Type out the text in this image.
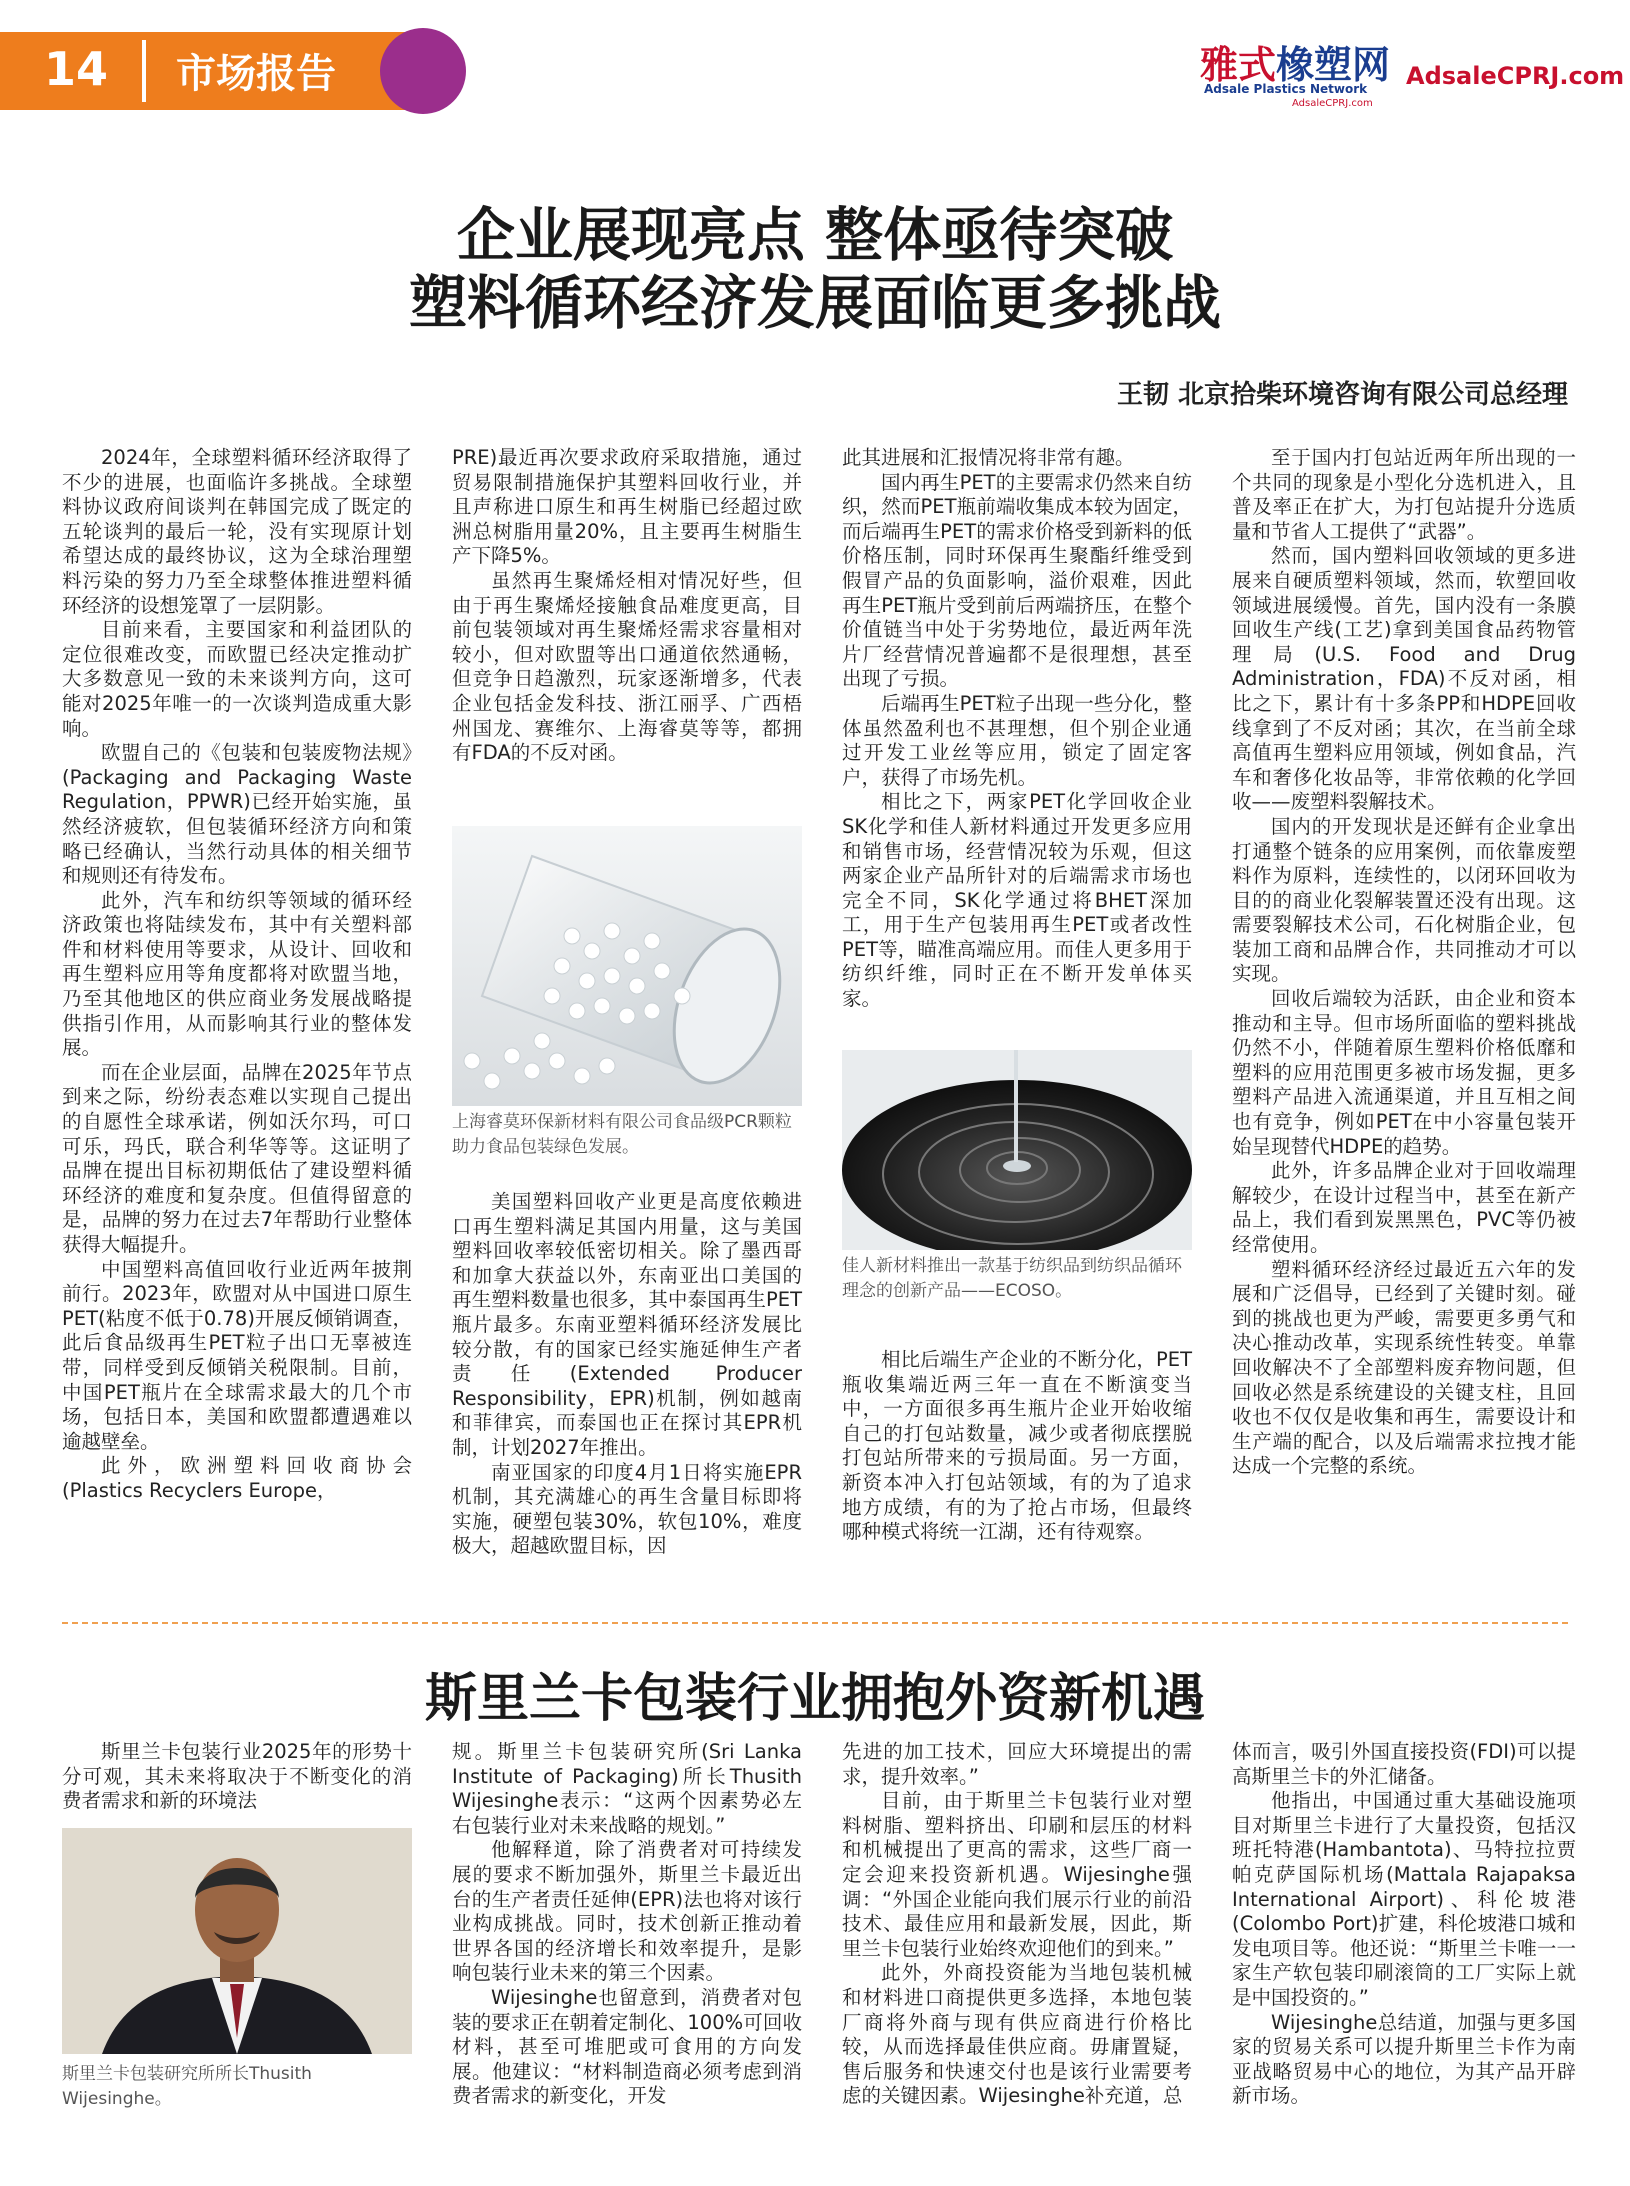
14 市场报告	雅式橡塑网
Adsale Plastics Network
AdsaleCPRJ.com
AdsaleCPRJ.com
企业展现亮点 整体亟待突破
塑料循环经济发展面临更多挑战
王韧 北京拾柴环境咨询有限公司总经理

2024年，全球塑料循环经济取得了不少的进展，也面临许多挑战。全球塑料协议政府间谈判在韩国完成了既定的五轮谈判的最后一轮，没有实现原计划希望达成的最终协议，这为全球治理塑料污染的努力乃至全球整体推进塑料循环经济的设想笼罩了一层阴影。

目前来看，主要国家和利益团队的定位很难改变，而欧盟已经决定推动扩大多数意见一致的未来谈判方向，这可能对2025年唯一的一次谈判造成重大影响。

欧盟自己的《包装和包装废物法规》(Packaging and Packaging Waste Regulation，PPWR)已经开始实施，虽然经济疲软，但包装循环经济方向和策略已经确认，当然行动具体的相关细节和规则还有待发布。

此外，汽车和纺织等领域的循环经济政策也将陆续发布，其中有关塑料部件和材料使用等要求，从设计、回收和再生塑料应用等角度都将对欧盟当地，乃至其他地区的供应商业务发展战略提供指引作用，从而影响其行业的整体发展。

而在企业层面，品牌在2025年节点到来之际，纷纷表态难以实现自己提出的自愿性全球承诺，例如沃尔玛，可口可乐，玛氏，联合利华等等。这证明了品牌在提出目标初期低估了建设塑料循环经济的难度和复杂度。但值得留意的是，品牌的努力在过去7年帮助行业整体获得大幅提升。

中国塑料高值回收行业近两年披荆前行。2023年，欧盟对从中国进口原生PET(粘度不低于0.78)开展反倾销调查，此后食品级再生PET粒子出口无辜被连带，同样受到反倾销关税限制。目前，中国PET瓶片在全球需求最大的几个市场，包括日本，美国和欧盟都遭遇难以逾越壁垒。

此外，欧洲塑料回收商协会(Plastics Recyclers Europe，

PRE)最近再次要求政府采取措施，通过贸易限制措施保护其塑料回收行业，并且声称进口原生和再生树脂已经超过欧洲总树脂用量20%，且主要再生树脂生产下降5%。

虽然再生聚烯烃相对情况好些，但由于再生聚烯烃接触食品难度更高，目前包装领域对再生聚烯烃需求容量相对较小，但对欧盟等出口通道依然通畅，但竞争日趋激烈，玩家逐渐增多，代表企业包括金发科技、浙江丽孚、广西梧州国龙、赛维尔、上海睿莫等等，都拥有FDA的不反对函。

上海睿莫环保新材料有限公司食品级PCR颗粒助力食品包装绿色发展。

美国塑料回收产业更是高度依赖进口再生塑料满足其国内用量，这与美国塑料回收率较低密切相关。除了墨西哥和加拿大获益以外，东南亚出口美国的再生塑料数量也很多，其中泰国再生PET瓶片最多。东南亚塑料循环经济发展比较分散，有的国家已经实施延伸生产者责任(Extended Producer Responsibility，EPR)机制，例如越南和菲律宾，而泰国也正在探讨其EPR机制，计划2027年推出。

南亚国家的印度4月1日将实施EPR机制，其充满雄心的再生含量目标即将实施，硬塑包装30%，软包10%，难度极大，超越欧盟目标，因

此其进展和汇报情况将非常有趣。

国内再生PET的主要需求仍然来自纺织，然而PET瓶前端收集成本较为固定，而后端再生PET的需求价格受到新料的低价格压制，同时环保再生聚酯纤维受到假冒产品的负面影响，溢价艰难，因此再生PET瓶片受到前后两端挤压，在整个价值链当中处于劣势地位，最近两年洗片厂经营情况普遍都不是很理想，甚至出现了亏损。

后端再生PET粒子出现一些分化，整体虽然盈利也不甚理想，但个别企业通过开发工业丝等应用，锁定了固定客户，获得了市场先机。

相比之下，两家PET化学回收企业SK化学和佳人新材料通过开发更多应用和销售市场，经营情况较为乐观，但这两家企业产品所针对的后端需求市场也完全不同，SK化学通过将BHET深加工，用于生产包装用再生PET或者改性PET等，瞄准高端应用。而佳人更多用于纺织纤维，同时正在不断开发单体买家。

佳人新材料推出一款基于纺织品到纺织品循环理念的创新产品——ECOSO。

相比后端生产企业的不断分化，PET瓶收集端近两三年一直在不断演变当中，一方面很多再生瓶片企业开始收缩自己的打包站数量，减少或者彻底摆脱打包站所带来的亏损局面。另一方面，新资本冲入打包站领域，有的为了追求地方成绩，有的为了抢占市场，但最终哪种模式将统一江湖，还有待观察。

至于国内打包站近两年所出现的一个共同的现象是小型化分选机进入，且普及率正在扩大，为打包站提升分选质量和节省人工提供了“武器”。

然而，国内塑料回收领域的更多进展来自硬质塑料领域，然而，软塑回收领域进展缓慢。首先，国内没有一条膜回收生产线(工艺)拿到美国食品药物管理局(U.S. Food and Drug Administration，FDA)不反对函，相比之下，累计有十多条PP和HDPE回收线拿到了不反对函；其次，在当前全球高值再生塑料应用领域，例如食品，汽车和奢侈化妆品等，非常依赖的化学回收——废塑料裂解技术。

国内的开发现状是还鲜有企业拿出打通整个链条的应用案例，而依靠废塑料作为原料，连续性的，以闭环回收为目的的商业化裂解装置还没有出现。这需要裂解技术公司，石化树脂企业，包装加工商和品牌合作，共同推动才可以实现。

回收后端较为活跃，由企业和资本推动和主导。但市场所面临的塑料挑战仍然不小，伴随着原生塑料价格低靡和塑料的应用范围更多被市场发掘，更多塑料产品进入流通渠道，并且互相之间也有竞争，例如PET在中小容量包装开始呈现替代HDPE的趋势。

此外，许多品牌企业对于回收端理解较少，在设计过程当中，甚至在新产品上，我们看到炭黑黑色，PVC等仍被经常使用。

塑料循环经济经过最近五六年的发展和广泛倡导，已经到了关键时刻。碰到的挑战也更为严峻，需要更多勇气和决心推动改革，实现系统性转变。单靠回收解决不了全部塑料废弃物问题，但回收必然是系统建设的关键支柱，且回收也不仅仅是收集和再生，需要设计和生产端的配合，以及后端需求拉拽才能达成一个完整的系统。

斯里兰卡包装行业拥抱外资新机遇

斯里兰卡包装行业2025年的形势十分可观，其未来将取决于不断变化的消费者需求和新的环境法

斯里兰卡包装研究所所长Thusith Wijesinghe。

规。斯里兰卡包装研究所(Sri Lanka Institute of Packaging)所长Thusith Wijesinghe表示：“这两个因素势必左右包装行业对未来战略的规划。”

他解释道，除了消费者对可持续发展的要求不断加强外，斯里兰卡最近出台的生产者责任延伸(EPR)法也将对该行业构成挑战。同时，技术创新正推动着世界各国的经济增长和效率提升，是影响包装行业未来的第三个因素。

Wijesinghe也留意到，消费者对包装的要求正在朝着定制化、100%可回收材料，甚至可堆肥或可食用的方向发展。他建议：“材料制造商必须考虑到消费者需求的新变化，开发

先进的加工技术，回应大环境提出的需求，提升效率。”

目前，由于斯里兰卡包装行业对塑料树脂、塑料挤出、印刷和层压的材料和机械提出了更高的需求，这些厂商一定会迎来投资新机遇。Wijesinghe强调：“外国企业能向我们展示行业的前沿技术、最佳应用和最新发展，因此，斯里兰卡包装行业始终欢迎他们的到来。”

此外，外商投资能为当地包装机械和材料进口商提供更多选择，本地包装厂商将外商与现有供应商进行价格比较，从而选择最佳供应商。毋庸置疑，售后服务和快速交付也是该行业需要考虑的关键因素。Wijesinghe补充道，总

体而言，吸引外国直接投资(FDI)可以提高斯里兰卡的外汇储备。

他指出，中国通过重大基础设施项目对斯里兰卡进行了大量投资，包括汉班托特港(Hambantota)、马特拉拉贾帕克萨国际机场(Mattala Rajapaksa International Airport)、科伦坡港(Colombo Port)扩建，科伦坡港口城和发电项目等。他还说：“斯里兰卡唯一一家生产软包装印刷滚筒的工厂实际上就是中国投资的。”

Wijesinghe总结道，加强与更多国家的贸易关系可以提升斯里兰卡作为南亚战略贸易中心的地位，为其产品开辟新市场。
